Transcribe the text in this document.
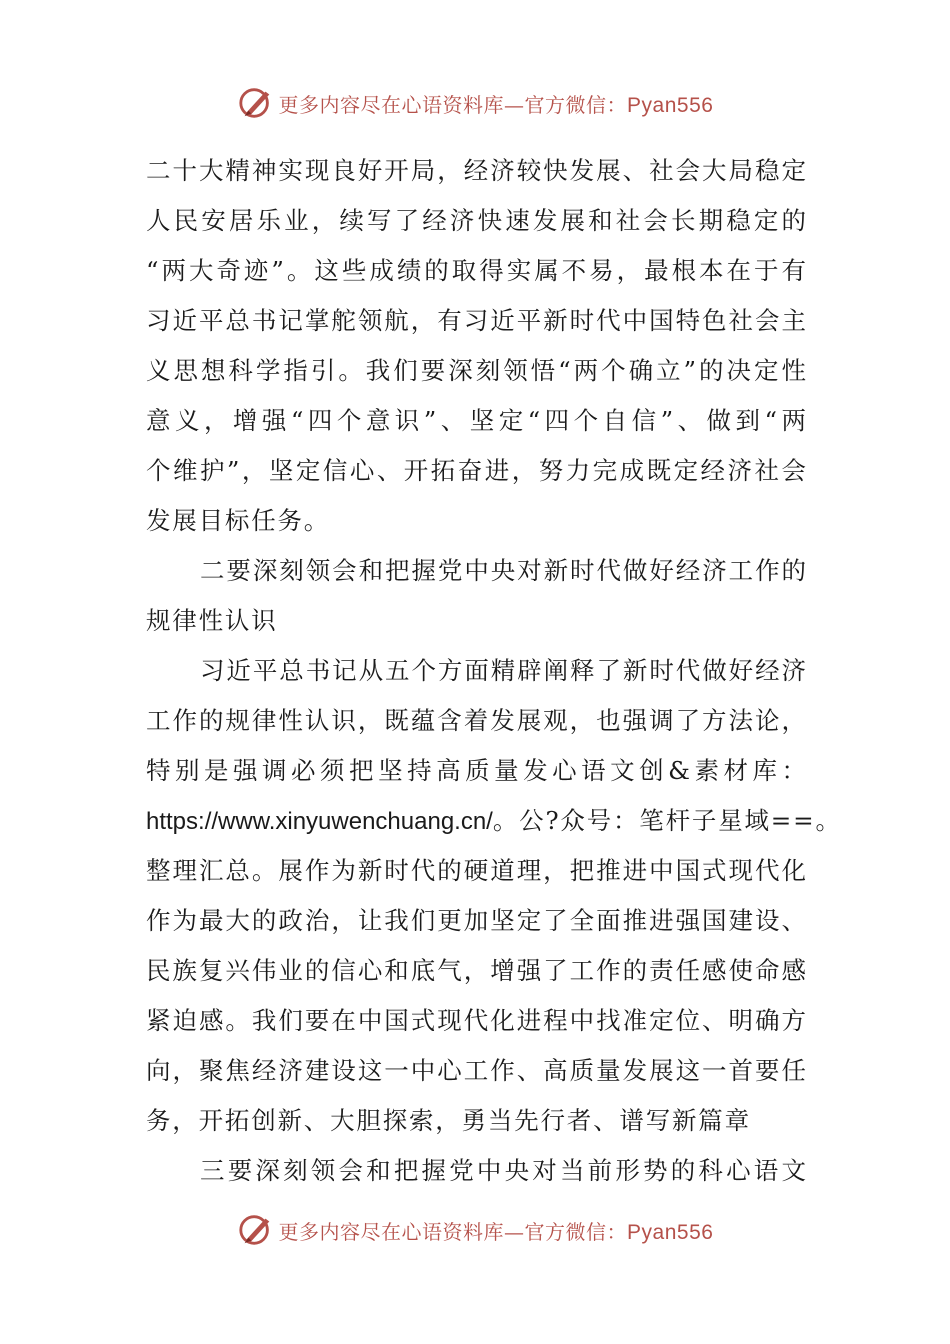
更多内容尽在心语资料库—官方微信：Pyan556
二十大精神实现良好开局，经济较快发展、社会大局稳定
人民安居乐业，续写了经济快速发展和社会长期稳定的
“两大奇迹”。这些成绩的取得实属不易，最根本在于有
习近平总书记掌舵领航，有习近平新时代中国特色社会主
义思想科学指引。我们要深刻领悟“两个确立”的决定性
意义，增强“四个意识”、坚定“四个自信”、做到“两
个维护”，坚定信心、开拓奋进，努力完成既定经济社会
发展目标任务。
二要深刻领会和把握党中央对新时代做好经济工作的
规律性认识
习近平总书记从五个方面精辟阐释了新时代做好经济
工作的规律性认识，既蕴含着发展观，也强调了方法论，
特别是强调必须把坚持高质量发心语文创&素材库：
https://www.xinyuwenchuang.cn/。公?众号：笔杆子星域==。
整理汇总。展作为新时代的硬道理，把推进中国式现代化
作为最大的政治，让我们更加坚定了全面推进强国建设、
民族复兴伟业的信心和底气，增强了工作的责任感使命感
紧迫感。我们要在中国式现代化进程中找准定位、明确方
向，聚焦经济建设这一中心工作、高质量发展这一首要任
务，开拓创新、大胆探索，勇当先行者、谱写新篇章
三要深刻领会和把握党中央对当前形势的科心语文
更多内容尽在心语资料库—官方微信：Pyan556
